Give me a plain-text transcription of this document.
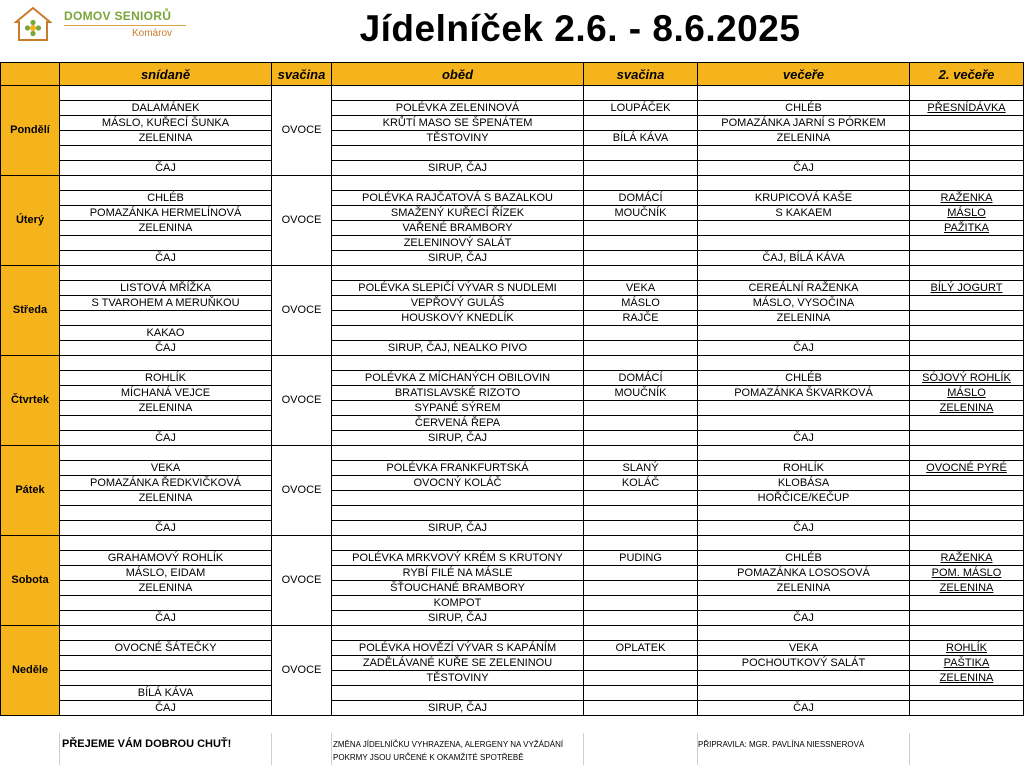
DOMOV SENIORŮ
Komárov	Jídelníček 2.6. - 8.6.2025
	snídaně	svačina	oběd	svačina	večeře	2. večeře
Pondělí		OVOCE				
	DALAMÁNEK		POLÉVKA ZELENINOVÁ	LOUPÁČEK	CHLÉB	PŘESNÍDÁVKA
	MÁSLO, KUŘECÍ ŠUNKA		KRŮTÍ MASO SE ŠPENÁTEM		POMAZÁNKA JARNÍ S PÓRKEM	
	ZELENINA		TĚSTOVINY	BÍLÁ KÁVA	ZELENINA	

	ČAJ		SIRUP, ČAJ		ČAJ	
Úterý		OVOCE				
	CHLÉB		POLÉVKA RAJČATOVÁ S BAZALKOU	DOMÁCÍ	KRUPICOVÁ KAŠE	RAŽENKA
	POMAZÁNKA HERMELÍNOVÁ		SMAŽENÝ KUŘECÍ ŘÍZEK	MOUČNÍK	S KAKAEM	MÁSLO
	ZELENINA		VAŘENÉ BRAMBORY			PAŽITKA
			ZELENINOVÝ SALÁT			
	ČAJ		SIRUP, ČAJ		ČAJ, BÍLÁ KÁVA	
Středa		OVOCE				
	LISTOVÁ MŘÍŽKA		POLÉVKA SLEPIČÍ VÝVAR S NUDLEMI	VEKA	CEREÁLNÍ RAŽENKA	BÍLÝ JOGURT
	S TVAROHEM A MERUŇKOU		VEPŘOVÝ GULÁŠ	MÁSLO	MÁSLO, VYSOČINA	
			HOUSKOVÝ KNEDLÍK	RAJČE	ZELENINA	
	KAKAO					
	ČAJ		SIRUP, ČAJ, NEALKO PIVO		ČAJ	
Čtvrtek		OVOCE				
	ROHLÍK		POLÉVKA Z MÍCHANÝCH OBILOVIN	DOMÁCÍ	CHLÉB	SÓJOVÝ ROHLÍK
	MÍCHANÁ VEJCE		BRATISLAVSKÉ RIZOTO	MOUČNÍK	POMAZÁNKA ŠKVARKOVÁ	MÁSLO
	ZELENINA		SYPANÉ SÝREM			ZELENINA
			ČERVENÁ ŘEPA			
	ČAJ		SIRUP, ČAJ		ČAJ	
Pátek		OVOCE				
	VEKA		POLÉVKA FRANKFURTSKÁ	SLANÝ	ROHLÍK	OVOCNÉ PYRÉ
	POMAZÁNKA ŘEDKVIČKOVÁ		OVOCNÝ KOLÁČ	KOLÁČ	KLOBÁSA	
	ZELENINA				HOŘČICE/KEČUP	

	ČAJ		SIRUP, ČAJ		ČAJ	
Sobota		OVOCE				
	GRAHAMOVÝ ROHLÍK		POLÉVKA MRKVOVÝ KRÉM S KRUTONY	PUDING	CHLÉB	RAŽENKA
	MÁSLO, EIDAM		RYBÍ FILÉ NA MÁSLE		POMAZÁNKA LOSOSOVÁ	POM. MÁSLO
	ZELENINA		ŠŤOUCHANÉ BRAMBORY		ZELENINA	ZELENINA
			KOMPOT			
	ČAJ		SIRUP, ČAJ		ČAJ	
Neděle		OVOCE				
	OVOCNÉ ŠÁTEČKY		POLÉVKA HOVĚZÍ VÝVAR S KAPÁNÍM	OPLATEK	VEKA	ROHLÍK
			ZADĚLÁVANÉ KUŘE SE ZELENINOU		POCHOUTKOVÝ SALÁT	PAŠTIKA
			TĚSTOVINY			ZELENINA
	BÍLÁ KÁVA					
	ČAJ		SIRUP, ČAJ		ČAJ	
PŘEJEME VÁM DOBROU CHUŤ!	ZMĚNA JÍDELNÍČKU VYHRAZENA, ALERGENY NA VYŽÁDÁNÍ
POKRMY JSOU URČENÉ K OKAMŽITÉ SPOTŘEBĚ
PŘIPRAVILA: MGR. PAVLÍNA NIESSNEROVÁ
